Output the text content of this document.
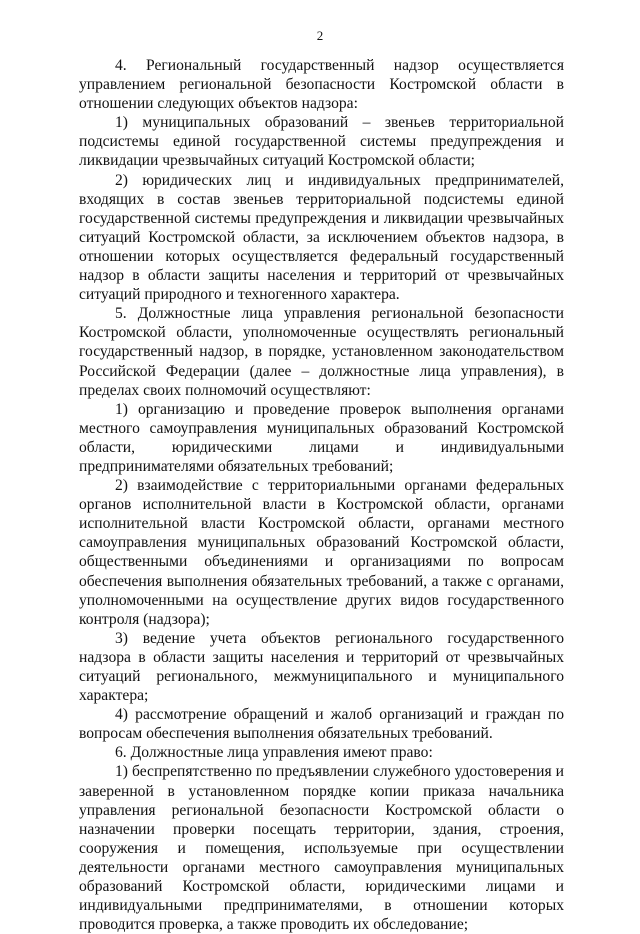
2

4. Региональный государственный надзор осуществляется управлением региональной безопасности Костромской области в отношении следующих объектов надзора:

1) муниципальных образований – звеньев территориальной подсистемы единой государственной системы предупреждения и ликвидации чрезвычайных ситуаций Костромской области;

2) юридических лиц и индивидуальных предпринимателей, входящих в состав звеньев территориальной подсистемы единой государственной системы предупреждения и ликвидации чрезвычайных ситуаций Костромской области, за исключением объектов надзора, в отношении которых осуществляется федеральный государственный надзор в области защиты населения и территорий от чрезвычайных ситуаций природного и техногенного характера.

5. Должностные лица управления региональной безопасности Костромской области, уполномоченные осуществлять региональный государственный надзор, в порядке, установленном законодательством Российской Федерации (далее – должностные лица управления), в пределах своих полномочий осуществляют:

1) организацию и проведение проверок выполнения органами местного самоуправления муниципальных образований Костромской области, юридическими лицами и индивидуальными предпринимателями обязательных требований;

2) взаимодействие с территориальными органами федеральных органов исполнительной власти в Костромской области, органами исполнительной власти Костромской области, органами местного самоуправления муниципальных образований Костромской области, общественными объединениями и организациями по вопросам обеспечения выполнения обязательных требований, а также с органами, уполномоченными на осуществление других видов государственного контроля (надзора);

3) ведение учета объектов регионального государственного надзора в области защиты населения и территорий от чрезвычайных ситуаций регионального, межмуниципального и муниципального характера;

4) рассмотрение обращений и жалоб организаций и граждан по вопросам обеспечения выполнения обязательных требований.

6. Должностные лица управления имеют право:

1) беспрепятственно по предъявлении служебного удостоверения и заверенной в установленном порядке копии приказа начальника управления региональной безопасности Костромской области о назначении проверки посещать территории, здания, строения, сооружения и помещения, используемые при осуществлении деятельности органами местного самоуправления муниципальных образований Костромской области, юридическими лицами и индивидуальными предпринимателями, в отношении которых проводится проверка, а также проводить их обследование;
